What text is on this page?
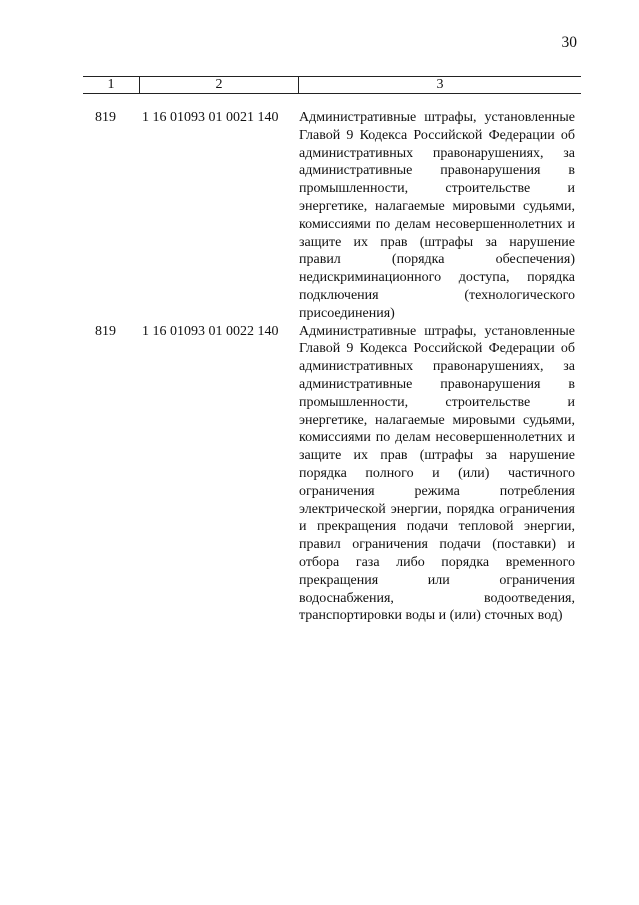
30
1	2	3
819	1 16 01093 01 0021 140	Административные штрафы, установленные Главой 9 Кодекса Российской Федерации об административных правонарушениях, за административные правонарушения в промышленности, строительстве и энергетике, налагаемые мировыми судьями, комиссиями по делам несовершеннолетних и защите их прав (штрафы за нарушение правил (порядка обеспечения) недискриминационного доступа, порядка подключения (технологического присоединения)
819	1 16 01093 01 0022 140	Административные штрафы, установленные Главой 9 Кодекса Российской Федерации об административных правонарушениях, за административные правонарушения в промышленности, строительстве и энергетике, налагаемые мировыми судьями, комиссиями по делам несовершеннолетних и защите их прав (штрафы за нарушение порядка полного и (или) частичного ограничения режима потребления электрической энергии, порядка ограничения и прекращения подачи тепловой энергии, правил ограничения подачи (поставки) и отбора газа либо порядка временного прекращения или ограничения водоснабжения, водоотведения, транспортировки воды и (или) сточных вод)
